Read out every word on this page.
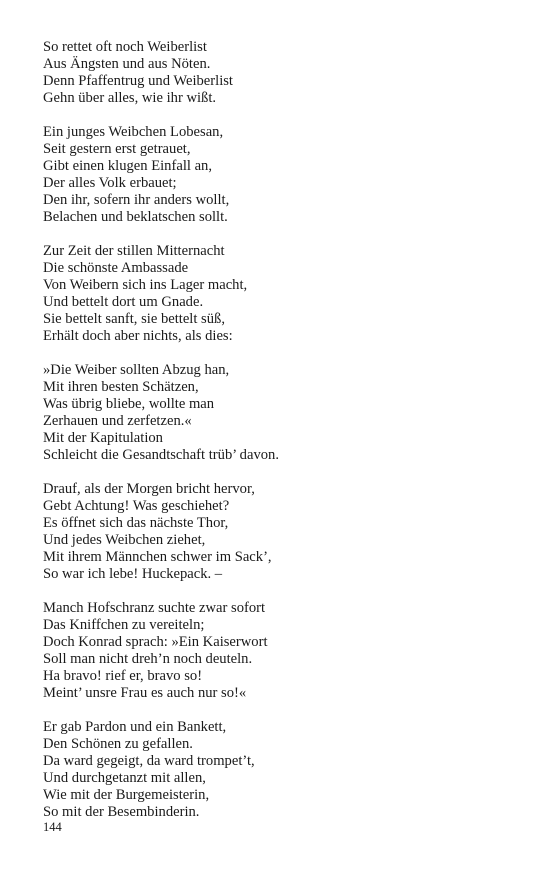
So rettet oft noch Weiberlist
Aus Ängsten und aus Nöten.
Denn Pfaffentrug und Weiberlist
Gehn über alles, wie ihr wißt.
Ein junges Weibchen Lobesan,
Seit gestern erst getrauet,
Gibt einen klugen Einfall an,
Der alles Volk erbauet;
Den ihr, sofern ihr anders wollt,
Belachen und beklatschen sollt.
Zur Zeit der stillen Mitternacht
Die schönste Ambassade
Von Weibern sich ins Lager macht,
Und bettelt dort um Gnade.
Sie bettelt sanft, sie bettelt süß,
Erhält doch aber nichts, als dies:
»Die Weiber sollten Abzug han,
Mit ihren besten Schätzen,
Was übrig bliebe, wollte man
Zerhauen und zerfetzen.«
Mit der Kapitulation
Schleicht die Gesandtschaft trüb’ davon.
Drauf, als der Morgen bricht hervor,
Gebt Achtung! Was geschiehet?
Es öffnet sich das nächste Thor,
Und jedes Weibchen ziehet,
Mit ihrem Männchen schwer im Sack’,
So war ich lebe! Huckepack. –
Manch Hofschranz suchte zwar sofort
Das Kniffchen zu vereiteln;
Doch Konrad sprach: »Ein Kaiserwort
Soll man nicht dreh’n noch deuteln.
Ha bravo! rief er, bravo so!
Meint’ unsre Frau es auch nur so!«
Er gab Pardon und ein Bankett,
Den Schönen zu gefallen.
Da ward gegeigt, da ward trompet’t,
Und durchgetanzt mit allen,
Wie mit der Burgemeisterin,
So mit der Besembinderin.
144
